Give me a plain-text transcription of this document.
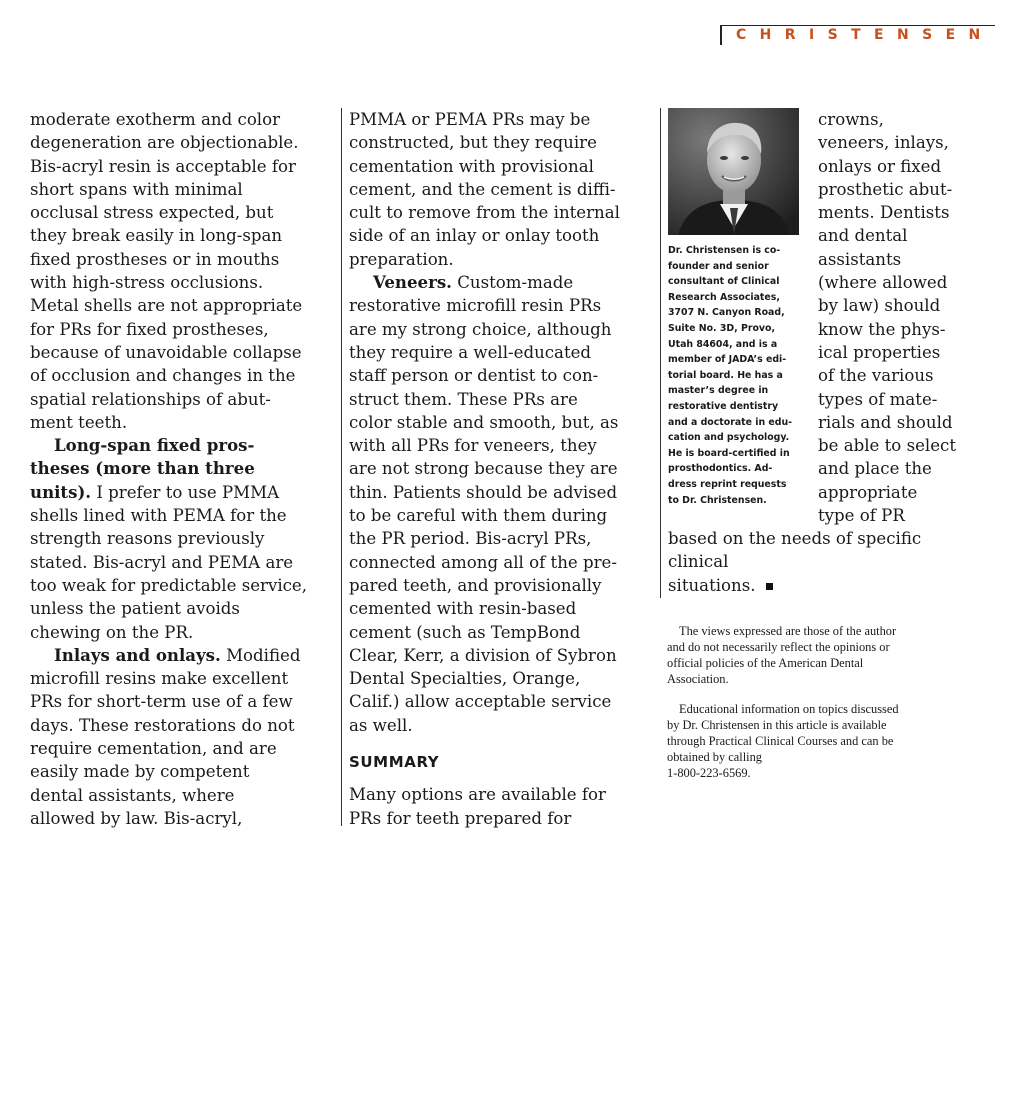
CHRISTENSEN

moderate exotherm and color

degeneration are objectionable.

Bis-acryl resin is acceptable for

short spans with minimal

occlusal stress expected, but

they break easily in long-span

fixed prostheses or in mouths

with high-stress occlusions.

Metal shells are not appropriate

for PRs for fixed prostheses,

because of unavoidable collapse

of occlusion and changes in the

spatial relationships of abut-

ment teeth.

Long-span fixed pros-

theses (more than three

units). I prefer to use PMMA

shells lined with PEMA for the

strength reasons previously

stated. Bis-acryl and PEMA are

too weak for predictable service,

unless the patient avoids

chewing on the PR.

Inlays and onlays. Modified

microfill resins make excellent

PRs for short-term use of a few

days. These restorations do not

require cementation, and are

easily made by competent

dental assistants, where

allowed by law. Bis-acryl,

PMMA or PEMA PRs may be

constructed, but they require

cementation with provisional

cement, and the cement is diffi-

cult to remove from the internal

side of an inlay or onlay tooth

preparation.

Veneers. Custom-made

restorative microfill resin PRs

are my strong choice, although

they require a well-educated

staff person or dentist to con-

struct them. These PRs are

color stable and smooth, but, as

with all PRs for veneers, they

are not strong because they are

thin. Patients should be advised

to be careful with them during

the PR period. Bis-acryl PRs,

connected among all of the pre-

pared teeth, and provisionally

cemented with resin-based

cement (such as TempBond

Clear, Kerr, a division of Sybron

Dental Specialties, Orange,

Calif.) allow acceptable service

as well.

SUMMARY

Many options are available for

PRs for teeth prepared for

Dr. Christensen is co-

founder and senior

consultant of Clinical

Research Associates,

3707 N. Canyon Road,

Suite No. 3D, Provo,

Utah 84604, and is a

member of JADA’s edi-

torial board. He has a

master’s degree in

restorative dentistry

and a doctorate in edu-

cation and psychology.

He is board-certified in

prosthodontics. Ad-

dress reprint requests

to Dr. Christensen.

crowns,

veneers, inlays,

onlays or fixed

prosthetic abut-

ments. Dentists

and dental

assistants

(where allowed

by law) should

know the phys-

ical properties

of the various

types of mate-

rials and should

be able to select

and place the

appropriate

type of PR

based on the needs of specific

clinical

situations.

The views expressed are those of the author

and do not necessarily reflect the opinions or

official policies of the American Dental

Association.

Educational information on topics discussed

by Dr. Christensen in this article is available

through Practical Clinical Courses and can be

obtained by calling

1-800-223-6569.
